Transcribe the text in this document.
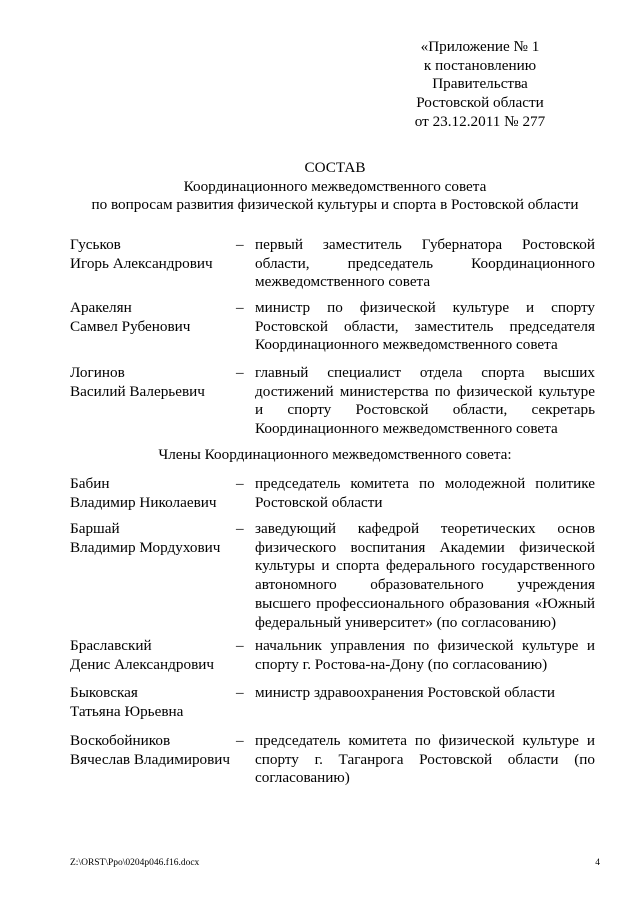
«Приложение № 1
к постановлению
Правительства
Ростовской области
от 23.12.2011 № 277
СОСТАВ
Координационного межведомственного совета
по вопросам развития физической культуры и спорта в Ростовской области
Гуськов
Игорь Александрович
– первый заместитель Губернатора Ростовской области, председатель Координационного межведомственного совета
Аракелян
Самвел Рубенович
– министр по физической культуре и спорту Ростовской области, заместитель председателя Координационного межведомственного совета
Логинов
Василий Валерьевич
– главный специалист отдела спорта высших достижений министерства по физической культуре и спорту Ростовской области, секретарь Координационного межведомственного совета
Члены Координационного межведомственного совета:
Бабин
Владимир Николаевич
– председатель комитета по молодежной политике Ростовской области
Баршай
Владимир Мордухович
– заведующий кафедрой теоретических основ физического воспитания Академии физической культуры и спорта федерального государственного автономного образовательного учреждения высшего профессионального образования «Южный федеральный университет» (по согласованию)
Браславский
Денис Александрович
– начальник управления по физической культуре и спорту г. Ростова-на-Дону (по согласованию)
Быковская
Татьяна Юрьевна
– министр здравоохранения Ростовской области
Воскобойников
Вячеслав Владимирович
– председатель комитета по физической культуре и спорту г. Таганрога Ростовской области (по согласованию)
Z:\ORST\Ppo\0204p046.f16.docx	4
